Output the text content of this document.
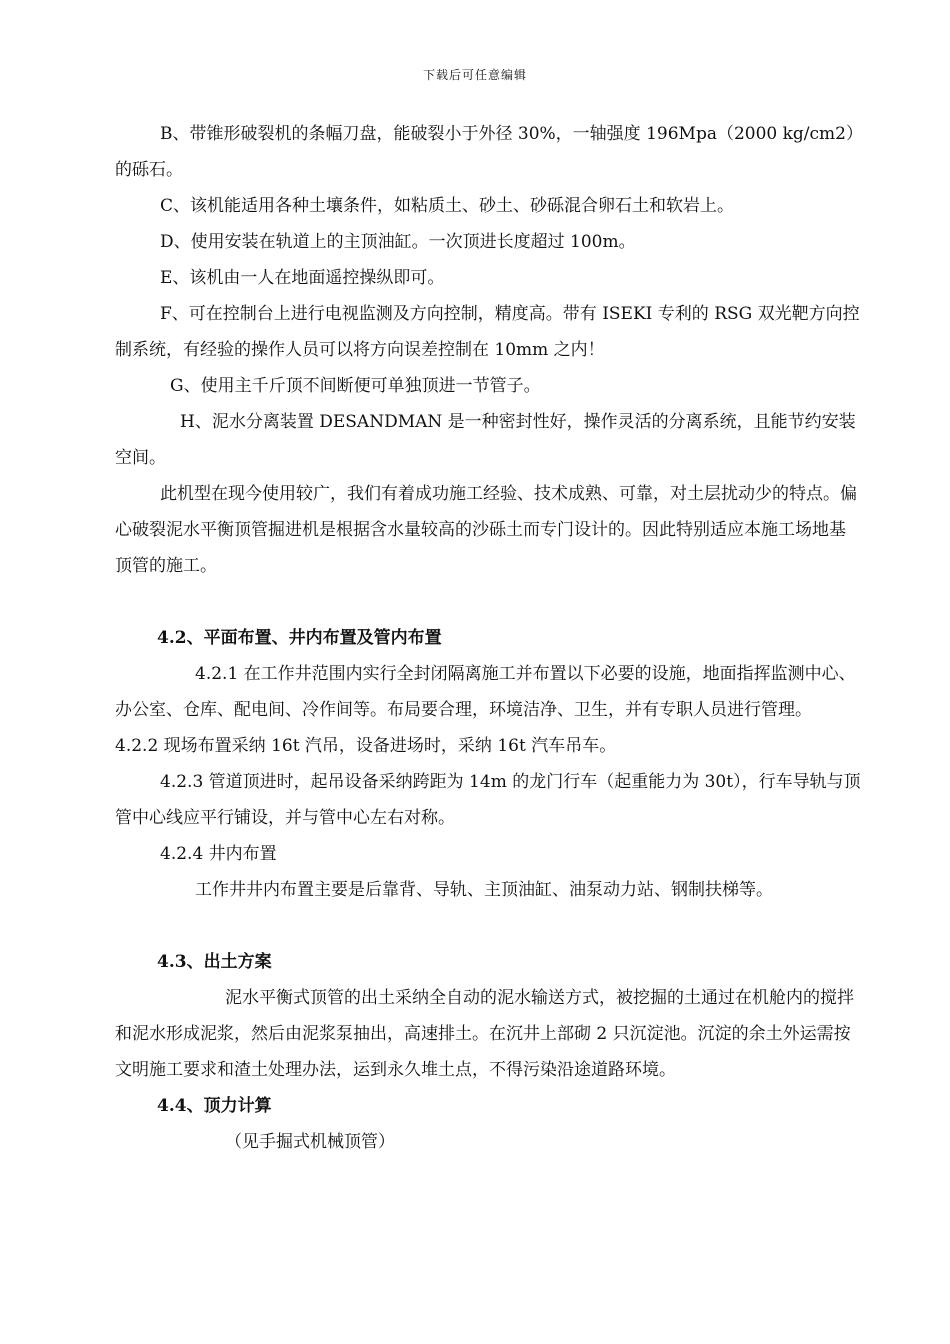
下载后可任意编辑

B、带锥形破裂机的条幅刀盘，能破裂小于外径 30%，一轴强度 196Mpa（2000 kg/cm2）的砾石。

C、该机能适用各种土壤条件，如粘质土、砂土、砂砾混合卵石土和软岩上。

D、使用安装在轨道上的主顶油缸。一次顶进长度超过 100m。

E、该机由一人在地面遥控操纵即可。

F、可在控制台上进行电视监测及方向控制，精度高。带有 ISEKI 专利的 RSG 双光靶方向控制系统，有经验的操作人员可以将方向误差控制在 10mm 之内！

G、使用主千斤顶不间断便可单独顶进一节管子。

H、泥水分离装置 DESANDMAN 是一种密封性好，操作灵活的分离系统，且能节约安装空间。

此机型在现今使用较广，我们有着成功施工经验、技术成熟、可靠，对土层扰动少的特点。偏心破裂泥水平衡顶管掘进机是根据含水量较高的沙砾土而专门设计的。因此特别适应本施工场地基顶管的施工。

4.2、平面布置、井内布置及管内布置

4.2.1 在工作井范围内实行全封闭隔离施工并布置以下必要的设施，地面指挥监测中心、办公室、仓库、配电间、冷作间等。布局要合理，环境洁净、卫生，并有专职人员进行管理。

4.2.2 现场布置采纳 16t 汽吊，设备进场时，采纳 16t 汽车吊车。

4.2.3 管道顶进时，起吊设备采纳跨距为 14m 的龙门行车（起重能力为 30t），行车导轨与顶管中心线应平行铺设，并与管中心左右对称。

4.2.4 井内布置

工作井井内布置主要是后靠背、导轨、主顶油缸、油泵动力站、钢制扶梯等。

4.3、出土方案

泥水平衡式顶管的出土采纳全自动的泥水输送方式，被挖掘的土通过在机舱内的搅拌和泥水形成泥浆，然后由泥浆泵抽出，高速排土。在沉井上部砌 2 只沉淀池。沉淀的余土外运需按文明施工要求和渣土处理办法，运到永久堆土点，不得污染沿途道路环境。

4.4、顶力计算

（见手掘式机械顶管）
